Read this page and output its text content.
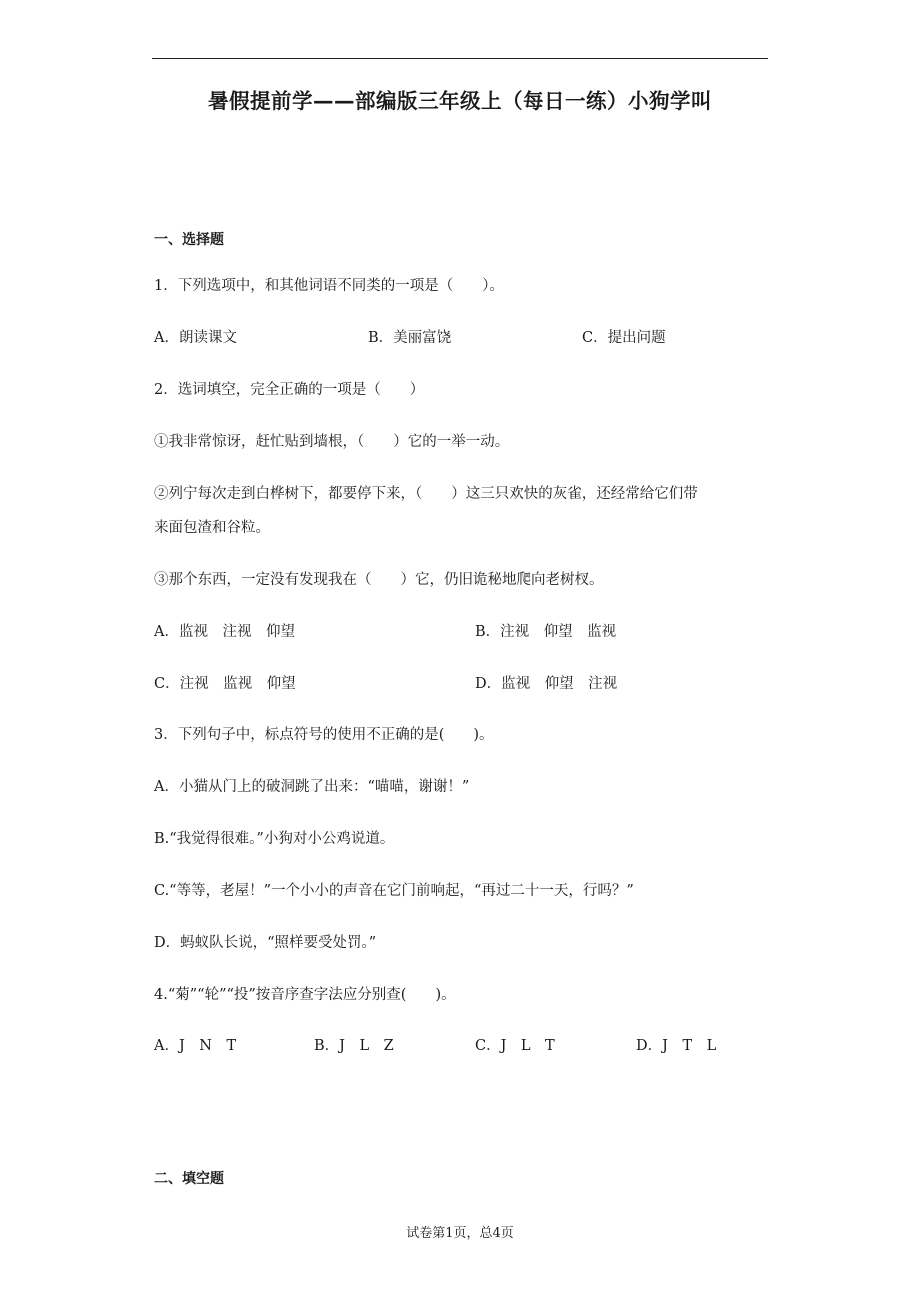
暑假提前学——部编版三年级上（每日一练）小狗学叫
一、选择题
1．下列选项中，和其他词语不同类的一项是（　　）。
A．朗读课文	B．美丽富饶	C．提出问题
2．选词填空，完全正确的一项是（　　）
①我非常惊讶，赶忙贴到墙根，（　　）它的一举一动。
②列宁每次走到白桦树下，都要停下来，（　　）这三只欢快的灰雀，还经常给它们带
来面包渣和谷粒。
③那个东西，一定没有发现我在（　　）它，仍旧诡秘地爬向老树杈。
A．监视　注视　仰望	B．注视　仰望　监视
C．注视　监视　仰望	D．监视　仰望　注视
3．下列句子中，标点符号的使用不正确的是(　　)。
A．小猫从门上的破洞跳了出来：“喵喵，谢谢！”
B.“我觉得很难。”小狗对小公鸡说道。
C.“等等，老屋！”一个小小的声音在它门前响起，“再过二十一天，行吗？”
D．蚂蚁队长说，“照样要受处罚。”
4.“菊”“轮”“投”按音序查字法应分别查(　　)。
A．J　N　T	B．J　L　Z	C．J　L　T	D．J　T　L
二、填空题
试卷第1页，总4页
